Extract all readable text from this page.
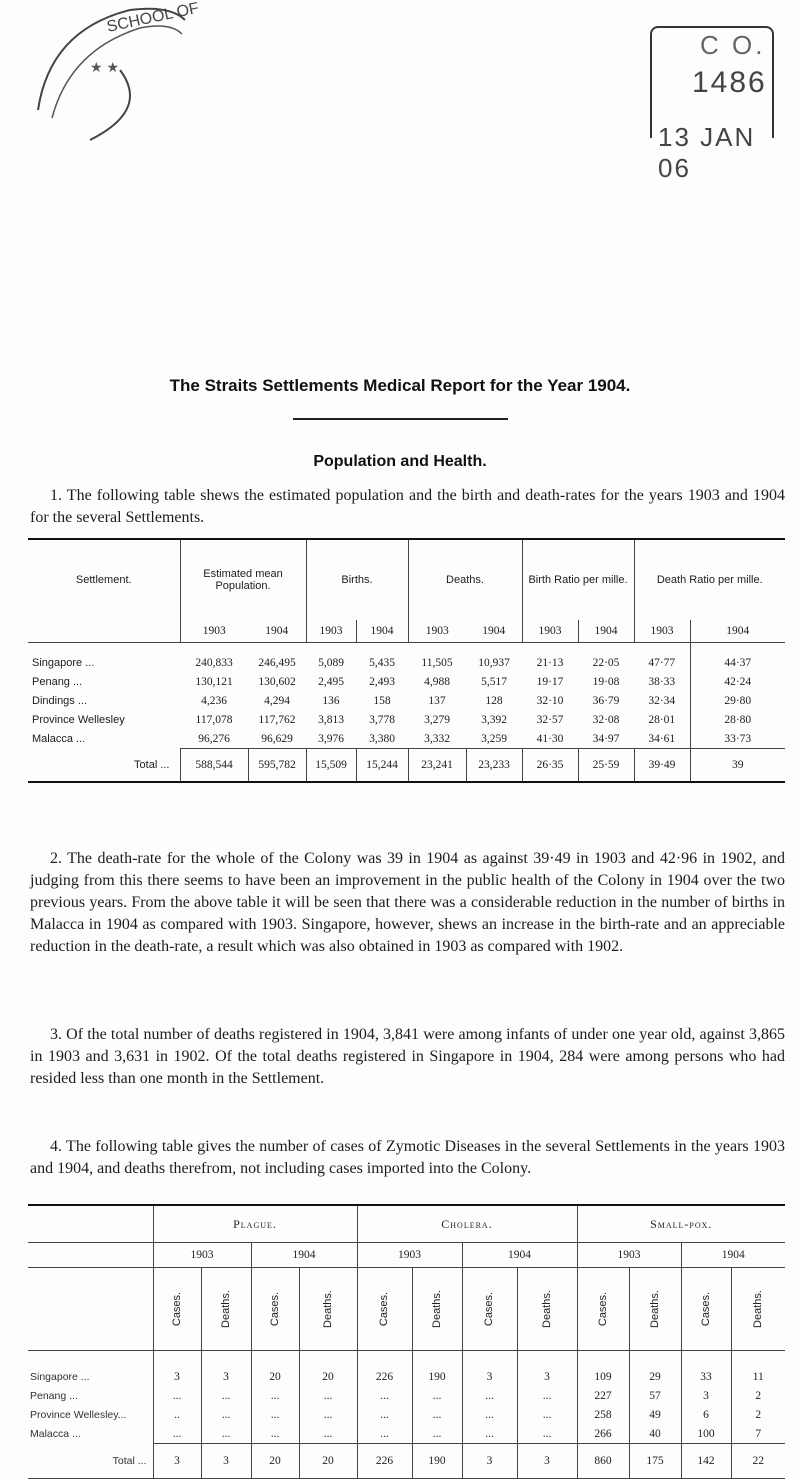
SCHOOL OF
★ ★
C O.
1486
13 JAN 06
The Straits Settlements Medical Report for the Year 1904.
Population and Health.
1. The following table shews the estimated population and the birth and death-rates for the years 1903 and 1904 for the several Settlements.
Settlement.	Estimated mean Population.		Births.		Deaths.		Birth Ratio per mille.		Death Ratio per mille.	
	1903	1904	1903	1904	1903	1904	1903	1904	1903	1904
Singapore ...	240,833	246,495	5,089	5,435	11,505	10,937	21·13	22·05	47·77	44·37
Penang ...	130,121	130,602	2,495	2,493	4,988	5,517	19·17	19·08	38·33	42·24
Dindings ...	4,236	4,294	136	158	137	128	32·10	36·79	32·34	29·80
Province Wellesley	117,078	117,762	3,813	3,778	3,279	3,392	32·57	32·08	28·01	28·80
Malacca ...	96,276	96,629	3,976	3,380	3,332	3,259	41·30	34·97	34·61	33·73
Total ...	588,544	595,782	15,509	15,244	23,241	23,233	26·35	25·59	39·49	39
2. The death-rate for the whole of the Colony was 39 in 1904 as against 39·49 in 1903 and 42·96 in 1902, and judging from this there seems to have been an improvement in the public health of the Colony in 1904 over the two previous years. From the above table it will be seen that there was a considerable reduction in the number of births in Malacca in 1904 as compared with 1903. Singapore, however, shews an increase in the birth-rate and an appreciable reduction in the death-rate, a result which was also obtained in 1903 as compared with 1902.
3. Of the total number of deaths registered in 1904, 3,841 were among infants of under one year old, against 3,865 in 1903 and 3,631 in 1902. Of the total deaths registered in Singapore in 1904, 284 were among persons who had resided less than one month in the Settlement.
4. The following table gives the number of cases of Zymotic Diseases in the several Settlements in the years 1903 and 1904, and deaths therefrom, not including cases imported into the Colony.
	Plague.				Cholera.				Small-pox.			
	1903		1904		1903		1904		1903		1904	
	Cases.	Deaths.	Cases.	Deaths.	Cases.	Deaths.	Cases.	Deaths.	Cases.	Deaths.	Cases.	Deaths.
Singapore ...	3	3	20	20	226	190	3	3	109	29	33	11
Penang ...	...	...	...	...	...	...	...	...	227	57	3	2
Province Wellesley...	..	...	...	...	...	...	...	...	258	49	6	2
Malacca ...	...	...	...	...	...	...	...	...	266	40	100	7
Total ...	3	3	20	20	226	190	3	3	860	175	142	22
